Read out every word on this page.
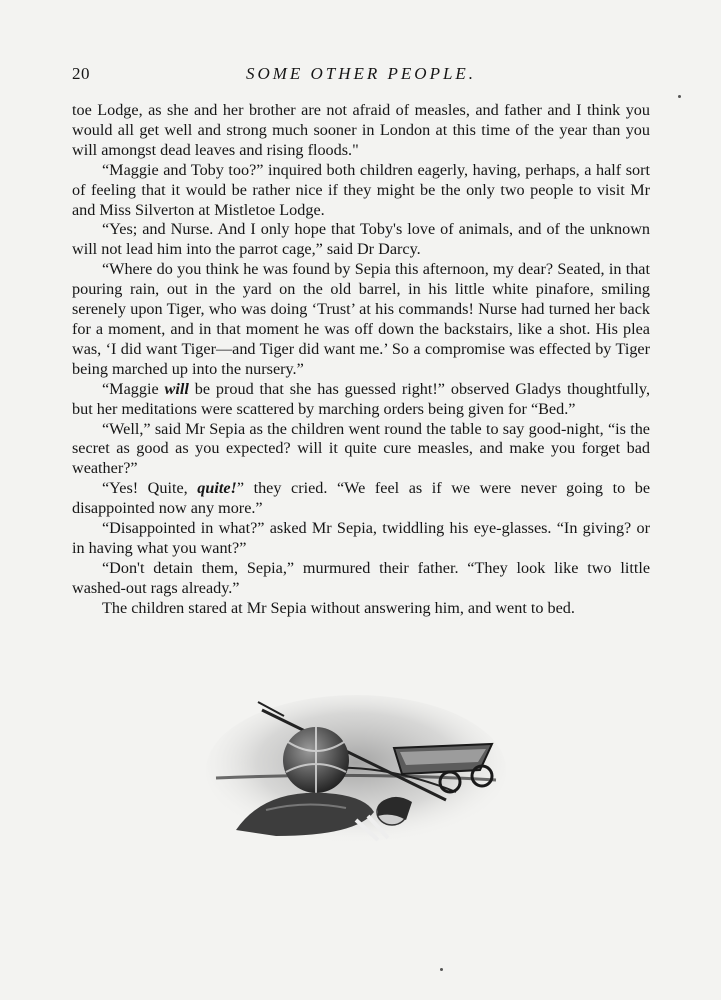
20	SOME OTHER PEOPLE.

toe Lodge, as she and her brother are not afraid of measles, and father and I think you would all get well and strong much sooner in London at this time of the year than you will amongst dead leaves and rising floods."

“Maggie and Toby too?” inquired both children eagerly, having, perhaps, a half sort of feeling that it would be rather nice if they might be the only two people to visit Mr and Miss Silverton at Mistletoe Lodge.

“Yes; and Nurse. And I only hope that Toby's love of animals, and of the unknown will not lead him into the parrot cage,” said Dr Darcy.

“Where do you think he was found by Sepia this afternoon, my dear? Seated, in that pouring rain, out in the yard on the old barrel, in his little white pinafore, smiling serenely upon Tiger, who was doing ‘Trust’ at his commands! Nurse had turned her back for a moment, and in that moment he was off down the backstairs, like a shot. His plea was, ‘I did want Tiger—and Tiger did want me.’ So a compromise was effected by Tiger being marched up into the nursery.”

“Maggie will be proud that she has guessed right!” observed Gladys thoughtfully, but her meditations were scattered by marching orders being given for “Bed.”

“Well,” said Mr Sepia as the children went round the table to say good-night, “is the secret as good as you expected? will it quite cure measles, and make you forget bad weather?”

“Yes! Quite, quite!” they cried. “We feel as if we were never going to be disappointed now any more.”

“Disappointed in what?” asked Mr Sepia, twiddling his eye-glasses. “In giving? or in having what you want?”

“Don't detain them, Sepia,” murmured their father. “They look like two little washed-out rags already.”

The children stared at Mr Sepia without answering him, and went to bed.
